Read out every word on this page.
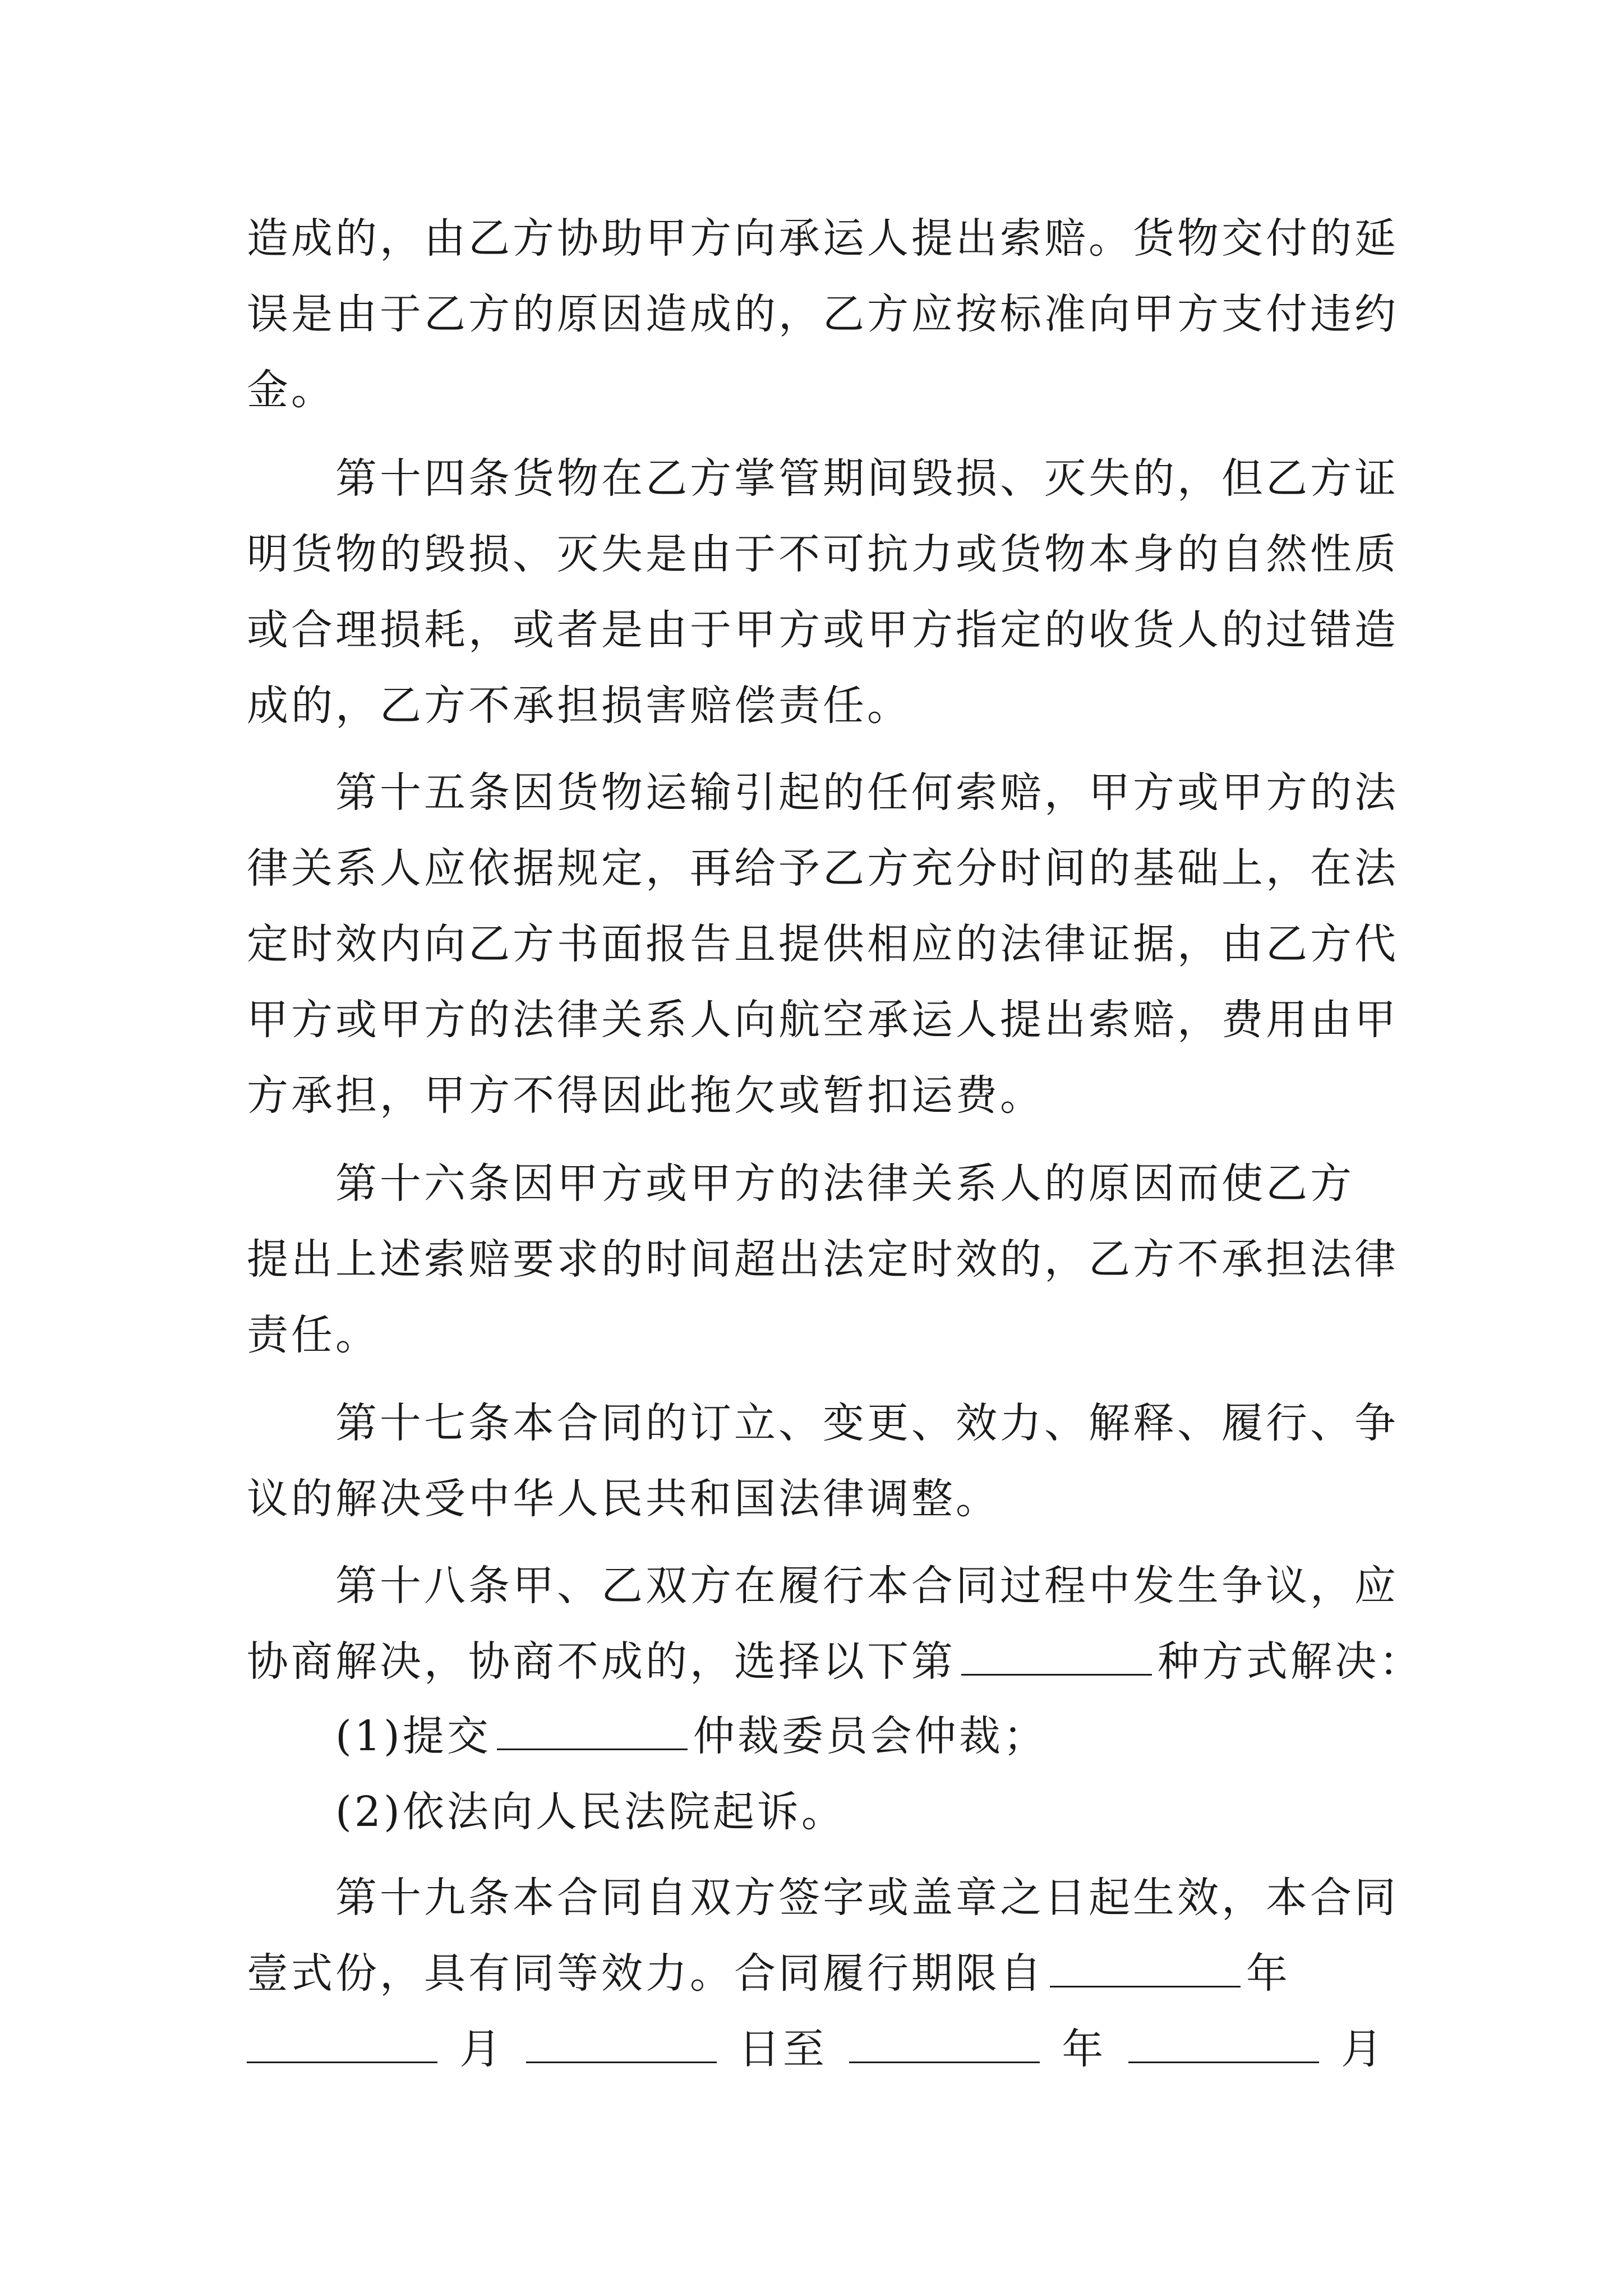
造成的，由乙方协助甲方向承运人提出索赔。货物交付的延
误是由于乙方的原因造成的，乙方应按标准向甲方支付违约
金。
第十四条货物在乙方掌管期间毁损、灭失的，但乙方证
明货物的毁损、灭失是由于不可抗力或货物本身的自然性质
或合理损耗，或者是由于甲方或甲方指定的收货人的过错造
成的，乙方不承担损害赔偿责任。
第十五条因货物运输引起的任何索赔，甲方或甲方的法
律关系人应依据规定，再给予乙方充分时间的基础上，在法
定时效内向乙方书面报告且提供相应的法律证据，由乙方代
甲方或甲方的法律关系人向航空承运人提出索赔，费用由甲
方承担，甲方不得因此拖欠或暂扣运费。
第十六条因甲方或甲方的法律关系人的原因而使乙方
提出上述索赔要求的时间超出法定时效的，乙方不承担法律
责任。
第十七条本合同的订立、变更、效力、解释、履行、争
议的解决受中华人民共和国法律调整。
第十八条甲、乙双方在履行本合同过程中发生争议，应
协商解决，协商不成的，选择以下第	种方式解决：
(1)提交	仲裁委员会仲裁；
(2)依法向人民法院起诉。
第十九条本合同自双方签字或盖章之日起生效，本合同
壹式份，具有同等效力。合同履行期限自	年
月	日至	年	月
